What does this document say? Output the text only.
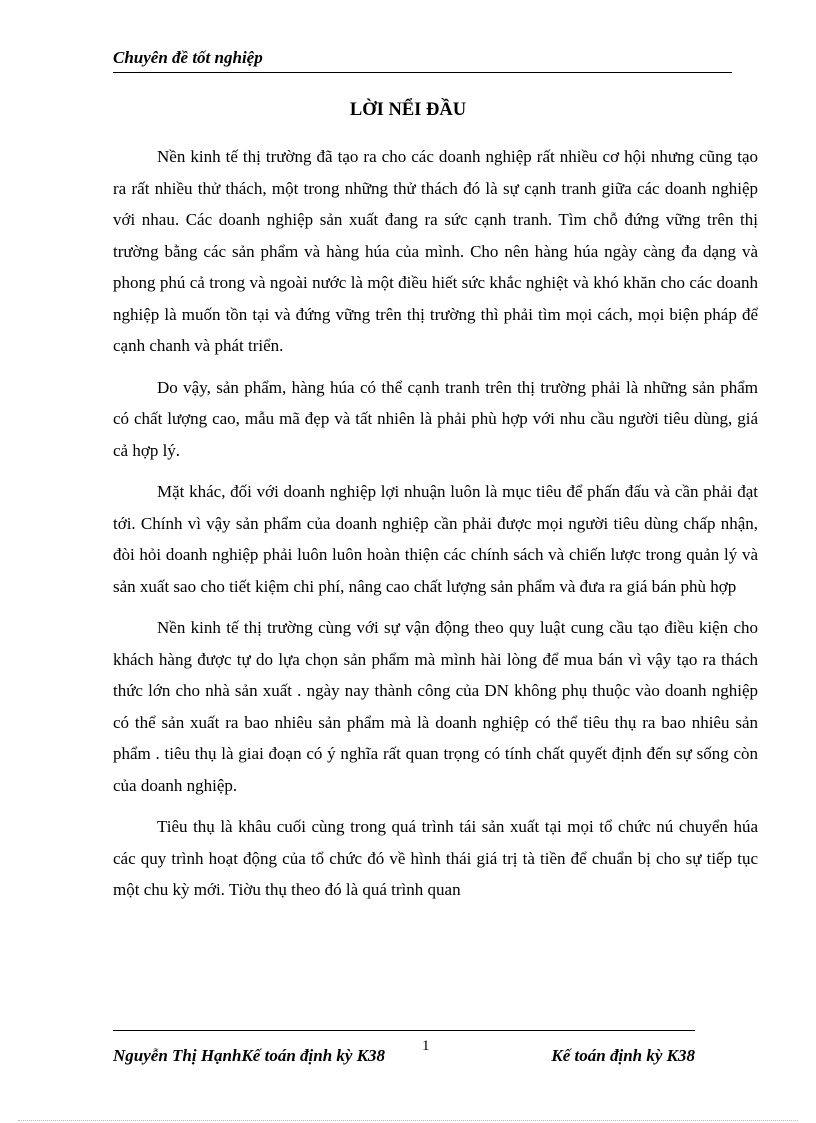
Chuyên đề tốt nghiệp
LỜI NỂI ĐẦU

Nền kinh tế thị trường đã tạo ra cho các doanh nghiệp rất nhiều cơ hội nhưng cũng tạo ra rất nhiều thử thách, một trong những thử thách đó là sự cạnh tranh giữa các doanh nghiệp với nhau. Các doanh nghiệp sản xuất đang ra sức cạnh tranh. Tìm chỗ đứng vững trên thị trường bằng các sản phẩm và hàng húa của mình. Cho nên hàng húa ngày càng đa dạng và phong phú cả trong và ngoài nước là một điều hiết sức khắc nghiệt và khó khăn cho các doanh nghiệp là muốn tồn tại và đứng vững trên thị trường thì phải tìm mọi cách, mọi biện pháp để cạnh chanh và phát triển.

Do vậy, sản phẩm, hàng húa có thể cạnh tranh trên thị trường phải là những sản phẩm có chất lượng cao, mẫu mã đẹp và tất nhiên là phải phù hợp với nhu cầu người tiêu dùng, giá cả hợp lý.

Mặt khác, đối với doanh nghiệp lợi nhuận luôn là mục tiêu để phấn đấu và cần phải đạt tới. Chính vì vậy sản phẩm của doanh nghiệp cần phải được mọi người tiêu dùng chấp nhận, đòi hỏi doanh nghiệp phải luôn luôn hoàn thiện các chính sách và chiến lược trong quản lý và sản xuất sao cho tiết kiệm chi phí, nâng cao chất lượng sản phẩm và đưa ra giá bán phù hợp

Nền kinh tế thị trường cùng với sự vận động theo quy luật cung cầu tạo điều kiện cho khách hàng được tự do lựa chọn sản phẩm mà mình hài lòng để mua bán vì vậy tạo ra thách thức lớn cho nhà sản xuất . ngày nay thành công của DN không phụ thuộc vào doanh nghiệp có thể sản xuất ra bao nhiêu sản phẩm mà là doanh nghiệp có thể tiêu thụ ra bao nhiêu sản phẩm . tiêu thụ là giai đoạn có ý nghĩa rất quan trọng có tính chất quyết định đến sự sống còn của doanh nghiệp.

Tiêu thụ là khâu cuối cùng trong quá trình tái sản xuất tại mọi tổ chức nú chuyển húa các quy trình hoạt động của tổ chức đó về hình thái giá trị tà tiền để chuẩn bị cho sự tiếp tục một chu kỳ mới. Tiờu thụ theo đó là quá trình quan

Nguyễn Thị HạnhKế toán định kỳ K38 1	Kế toán định kỳ K38
